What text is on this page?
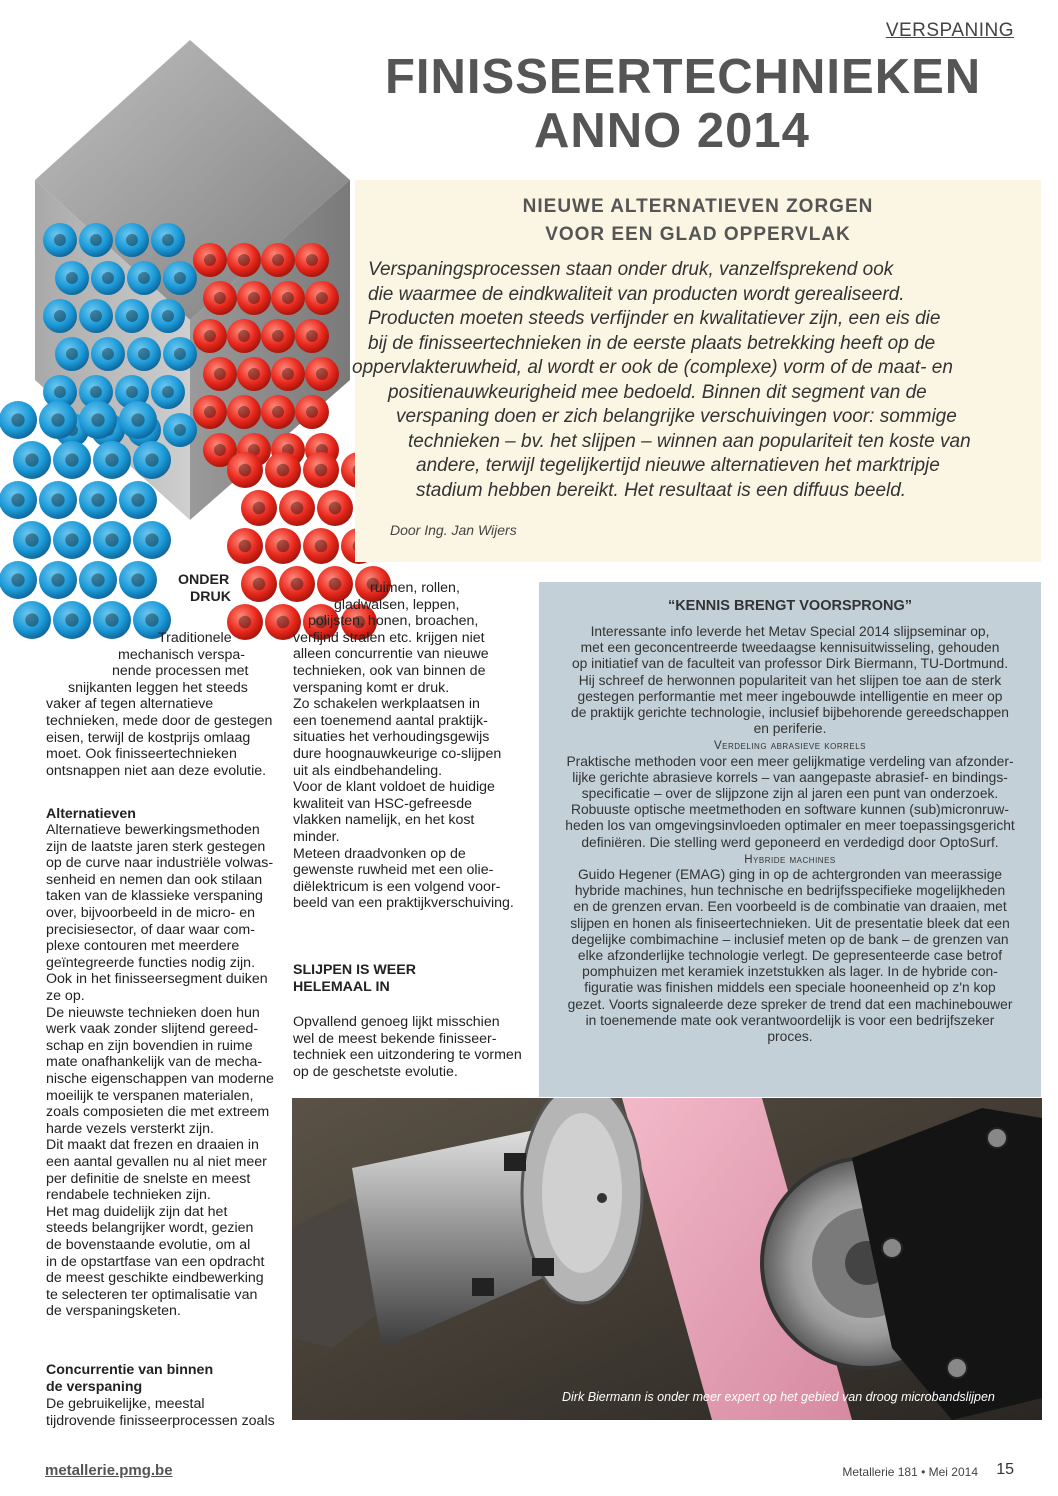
VERSPANING
FINISSEERTECHNIEKEN
ANNO 2014
NIEUWE ALTERNATIEVEN ZORGEN
VOOR EEN GLAD OPPERVLAK
Verspaningsprocessen staan onder druk, vanzelfsprekend ook
die waarmee de eindkwaliteit van producten wordt gerealiseerd.
Producten moeten steeds verfijnder en kwalitatiever zijn, een eis die
bij de finisseertechnieken in de eerste plaats betrekking heeft op de
oppervlakteruwheid, al wordt er ook de (complexe) vorm of de maat- en
positienauwkeurigheid mee bedoeld. Binnen dit segment van de
verspaning doen er zich belangrijke verschuivingen voor: sommige
technieken – bv. het slijpen – winnen aan populariteit ten koste van
andere, terwijl tegelijkertijd nieuwe alternatieven het marktripje
stadium hebben bereikt. Het resultaat is een diffuus beeld.
Door Ing. Jan Wijers
ONDER
DRUK
Traditionele
mechanisch verspa-
nende processen met
snijkanten leggen het steeds
vaker af tegen alternatieve
technieken, mede door de gestegen
eisen, terwijl de kostprijs omlaag
moet. Ook finisseertechnieken
ontsnappen niet aan deze evolutie.
Alternatieven
Alternatieve bewerkingsmethoden
zijn de laatste jaren sterk gestegen
op de curve naar industriële volwas-
senheid en nemen dan ook stilaan
taken van de klassieke verspaning
over, bijvoorbeeld in de micro- en
precisiesector, of daar waar com-
plexe contouren met meerdere
geïntegreerde functies nodig zijn.
Ook in het finisseersegment duiken
ze op.
De nieuwste technieken doen hun
werk vaak zonder slijtend gereed-
schap en zijn bovendien in ruime
mate onafhankelijk van de mecha-
nische eigenschappen van moderne
moeilijk te verspanen materialen,
zoals composieten die met extreem
harde vezels versterkt zijn.
Dit maakt dat frezen en draaien in
een aantal gevallen nu al niet meer
per definitie de snelste en meest
rendabele technieken zijn.
Het mag duidelijk zijn dat het
steeds belangrijker wordt, gezien
de bovenstaande evolutie, om al
in de opstartfase van een opdracht
de meest geschikte eindbewerking
te selecteren ter optimalisatie van
de verspaningsketen.
Concurrentie van binnen
de verspaning
De gebruikelijke, meestal
tijdrovende finisseerprocessen zoals
ruimen, rollen,
gladwalsen, leppen,
polijsten, honen, broachen,
verfijnd stralen etc. krijgen niet
alleen concurrentie van nieuwe
technieken, ook van binnen de
verspaning komt er druk.
Zo schakelen werkplaatsen in
een toenemend aantal praktijk-
situaties het verhoudingsgewijs
dure hoognauwkeurige co-slijpen
uit als eindbehandeling.
Voor de klant voldoet de huidige
kwaliteit van HSC-gefreesde
vlakken namelijk, en het kost
minder.
Meteen draadvonken op de
gewenste ruwheid met een olie-
diëlektricum is een volgend voor-
beeld van een praktijkverschuiving.
SLIJPEN IS WEER
HELEMAAL IN
Opvallend genoeg lijkt misschien
wel de meest bekende finisseer-
techniek een uitzondering te vormen
op de geschetste evolutie.
“KENNIS BRENGT VOORSPRONG”
Interessante info leverde het Metav Special 2014 slijpseminar op,
met een geconcentreerde tweedaagse kennisuitwisseling, gehouden
op initiatief van de faculteit van professor Dirk Biermann, TU-Dortmund.
Hij schreef de herwonnen populariteit van het slijpen toe aan de sterk
gestegen performantie met meer ingebouwde intelligentie en meer op
de praktijk gerichte technologie, inclusief bijbehorende gereedschappen
en periferie.
Verdeling abrasieve korrels
Praktische methoden voor een meer gelijkmatige verdeling van afzonder-
lijke gerichte abrasieve korrels – van aangepaste abrasief- en bindings-
specificatie – over de slijpzone zijn al jaren een punt van onderzoek.
Robuuste optische meetmethoden en software kunnen (sub)micronruw-
heden los van omgevingsinvloeden optimaler en meer toepassingsgericht
definiëren. Die stelling werd geponeerd en verdedigd door OptoSurf.
Hybride machines
Guido Hegener (EMAG) ging in op de achtergronden van meerassige
hybride machines, hun technische en bedrijfsspecifieke mogelijkheden
en de grenzen ervan. Een voorbeeld is de combinatie van draaien, met
slijpen en honen als finiseertechnieken. Uit de presentatie bleek dat een
degelijke combimachine – inclusief meten op de bank – de grenzen van
elke afzonderlijke technologie verlegt. De gepresenteerde case betrof
pomphuizen met keramiek inzetstukken als lager. In de hybride con-
figuratie was finishen middels een speciale hooneenheid op z'n kop
gezet. Voorts signaleerde deze spreker de trend dat een machinebouwer
in toenemende mate ook verantwoordelijk is voor een bedrijfszeker
proces.
Dirk Biermann is onder meer expert op het gebied van droog microbandslijpen
metallerie.pmg.be	Metallerie 181 • Mei 2014 15
